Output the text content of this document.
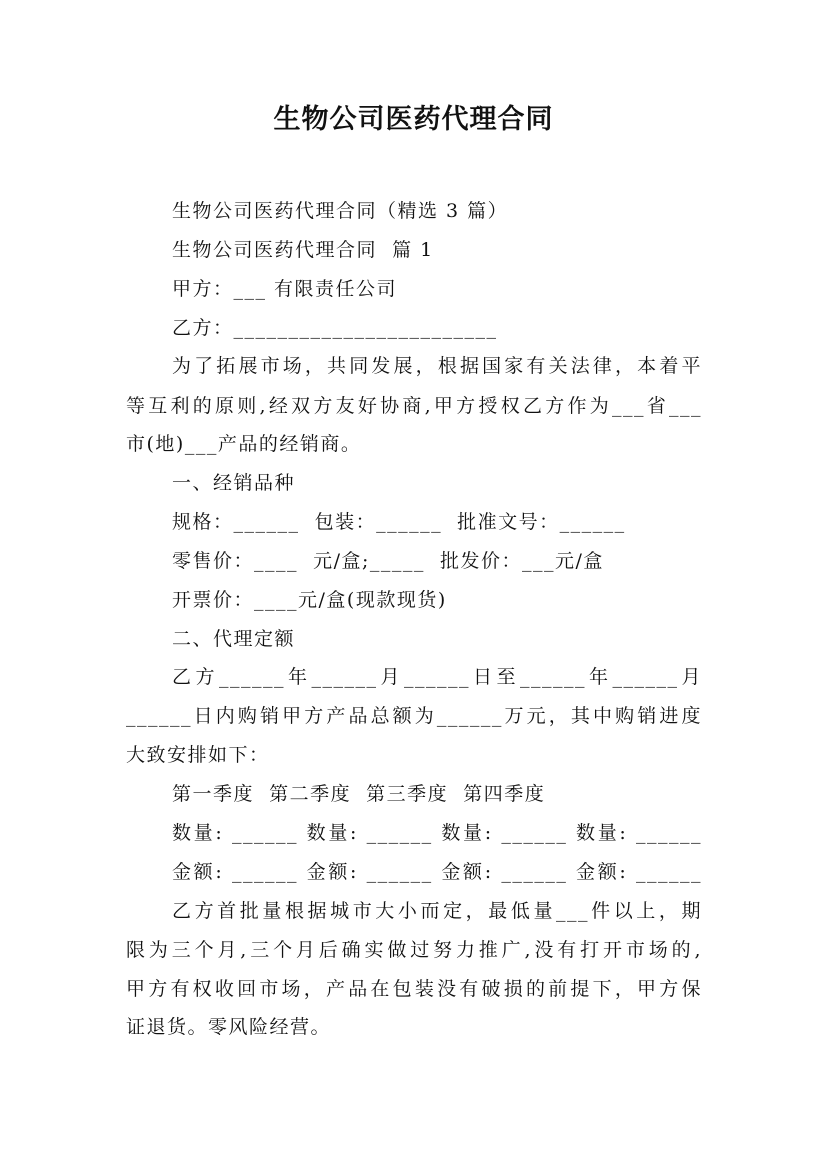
生物公司医药代理合同
生物公司医药代理合同（精选 3 篇）
生物公司医药代理合同  篇 1
甲方：___ 有限责任公司
乙方：________________________
为了拓展市场，共同发展，根据国家有关法律，本着平
等互利的原则,经双方友好协商,甲方授权乙方作为___省___
市(地)___产品的经销商。
一、经销品种
规格：______  包装：______  批准文号：______
零售价：____  元/盒;_____  批发价：___元/盒
开票价：____元/盒(现款现货)
二、代理定额
乙方______年______月______日至______年______月
______日内购销甲方产品总额为______万元，其中购销进度
大致安排如下：
第一季度  第二季度  第三季度  第四季度
数量: ______ 数量: ______ 数量: ______ 数量: ______
金额: ______ 金额: ______ 金额: ______ 金额: ______
乙方首批量根据城市大小而定，最低量___件以上，期
限为三个月,三个月后确实做过努力推广,没有打开市场的,
甲方有权收回市场，产品在包装没有破损的前提下，甲方保
证退货。零风险经营。
